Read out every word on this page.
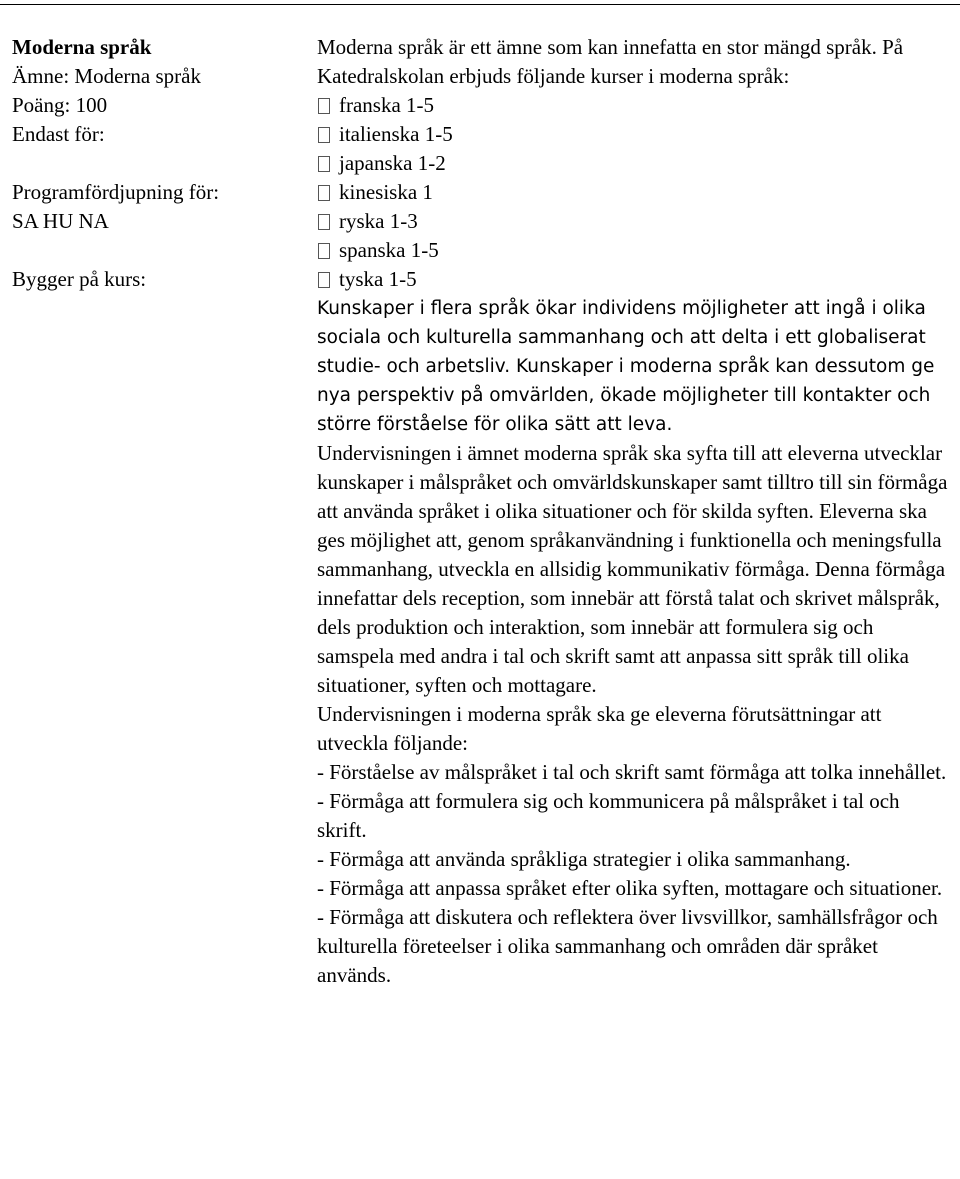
Moderna språk
Ämne: Moderna språk
Poäng: 100
Endast för:
Programfördjupning för:
SA HU NA
Bygger på kurs:

Moderna språk är ett ämne som kan innefatta en stor mängd språk. På Katedralskolan erbjuds följande kurser i moderna språk:

franska 1-5
italienska 1-5
japanska 1-2
kinesiska 1
ryska 1-3
spanska 1-5
tyska 1-5

Kunskaper i flera språk ökar individens möjligheter att ingå i olika sociala och kulturella sammanhang och att delta i ett globaliserat studie- och arbetsliv. Kunskaper i moderna språk kan dessutom ge nya perspektiv på omvärlden, ökade möjligheter till kontakter och större förståelse för olika sätt att leva.

Undervisningen i ämnet moderna språk ska syfta till att eleverna utvecklar kunskaper i målspråket och omvärldskunskaper samt tilltro till sin förmåga att använda språket i olika situationer och för skilda syften. Eleverna ska ges möjlighet att, genom språkanvändning i funktionella och meningsfulla sammanhang, utveckla en allsidig kommunikativ förmåga. Denna förmåga innefattar dels reception, som innebär att förstå talat och skrivet målspråk, dels produktion och interaktion, som innebär att formulera sig och samspela med andra i tal och skrift samt att anpassa sitt språk till olika situationer, syften och mottagare.

Undervisningen i moderna språk ska ge eleverna förutsättningar att utveckla följande:

- Förståelse av målspråket i tal och skrift samt förmåga att tolka innehållet.

- Förmåga att formulera sig och kommunicera på målspråket i tal och skrift.

- Förmåga att använda språkliga strategier i olika sammanhang.

- Förmåga att anpassa språket efter olika syften, mottagare och situationer.

- Förmåga att diskutera och reflektera över livsvillkor, samhällsfrågor och kulturella företeelser i olika sammanhang och områden där språket används.
